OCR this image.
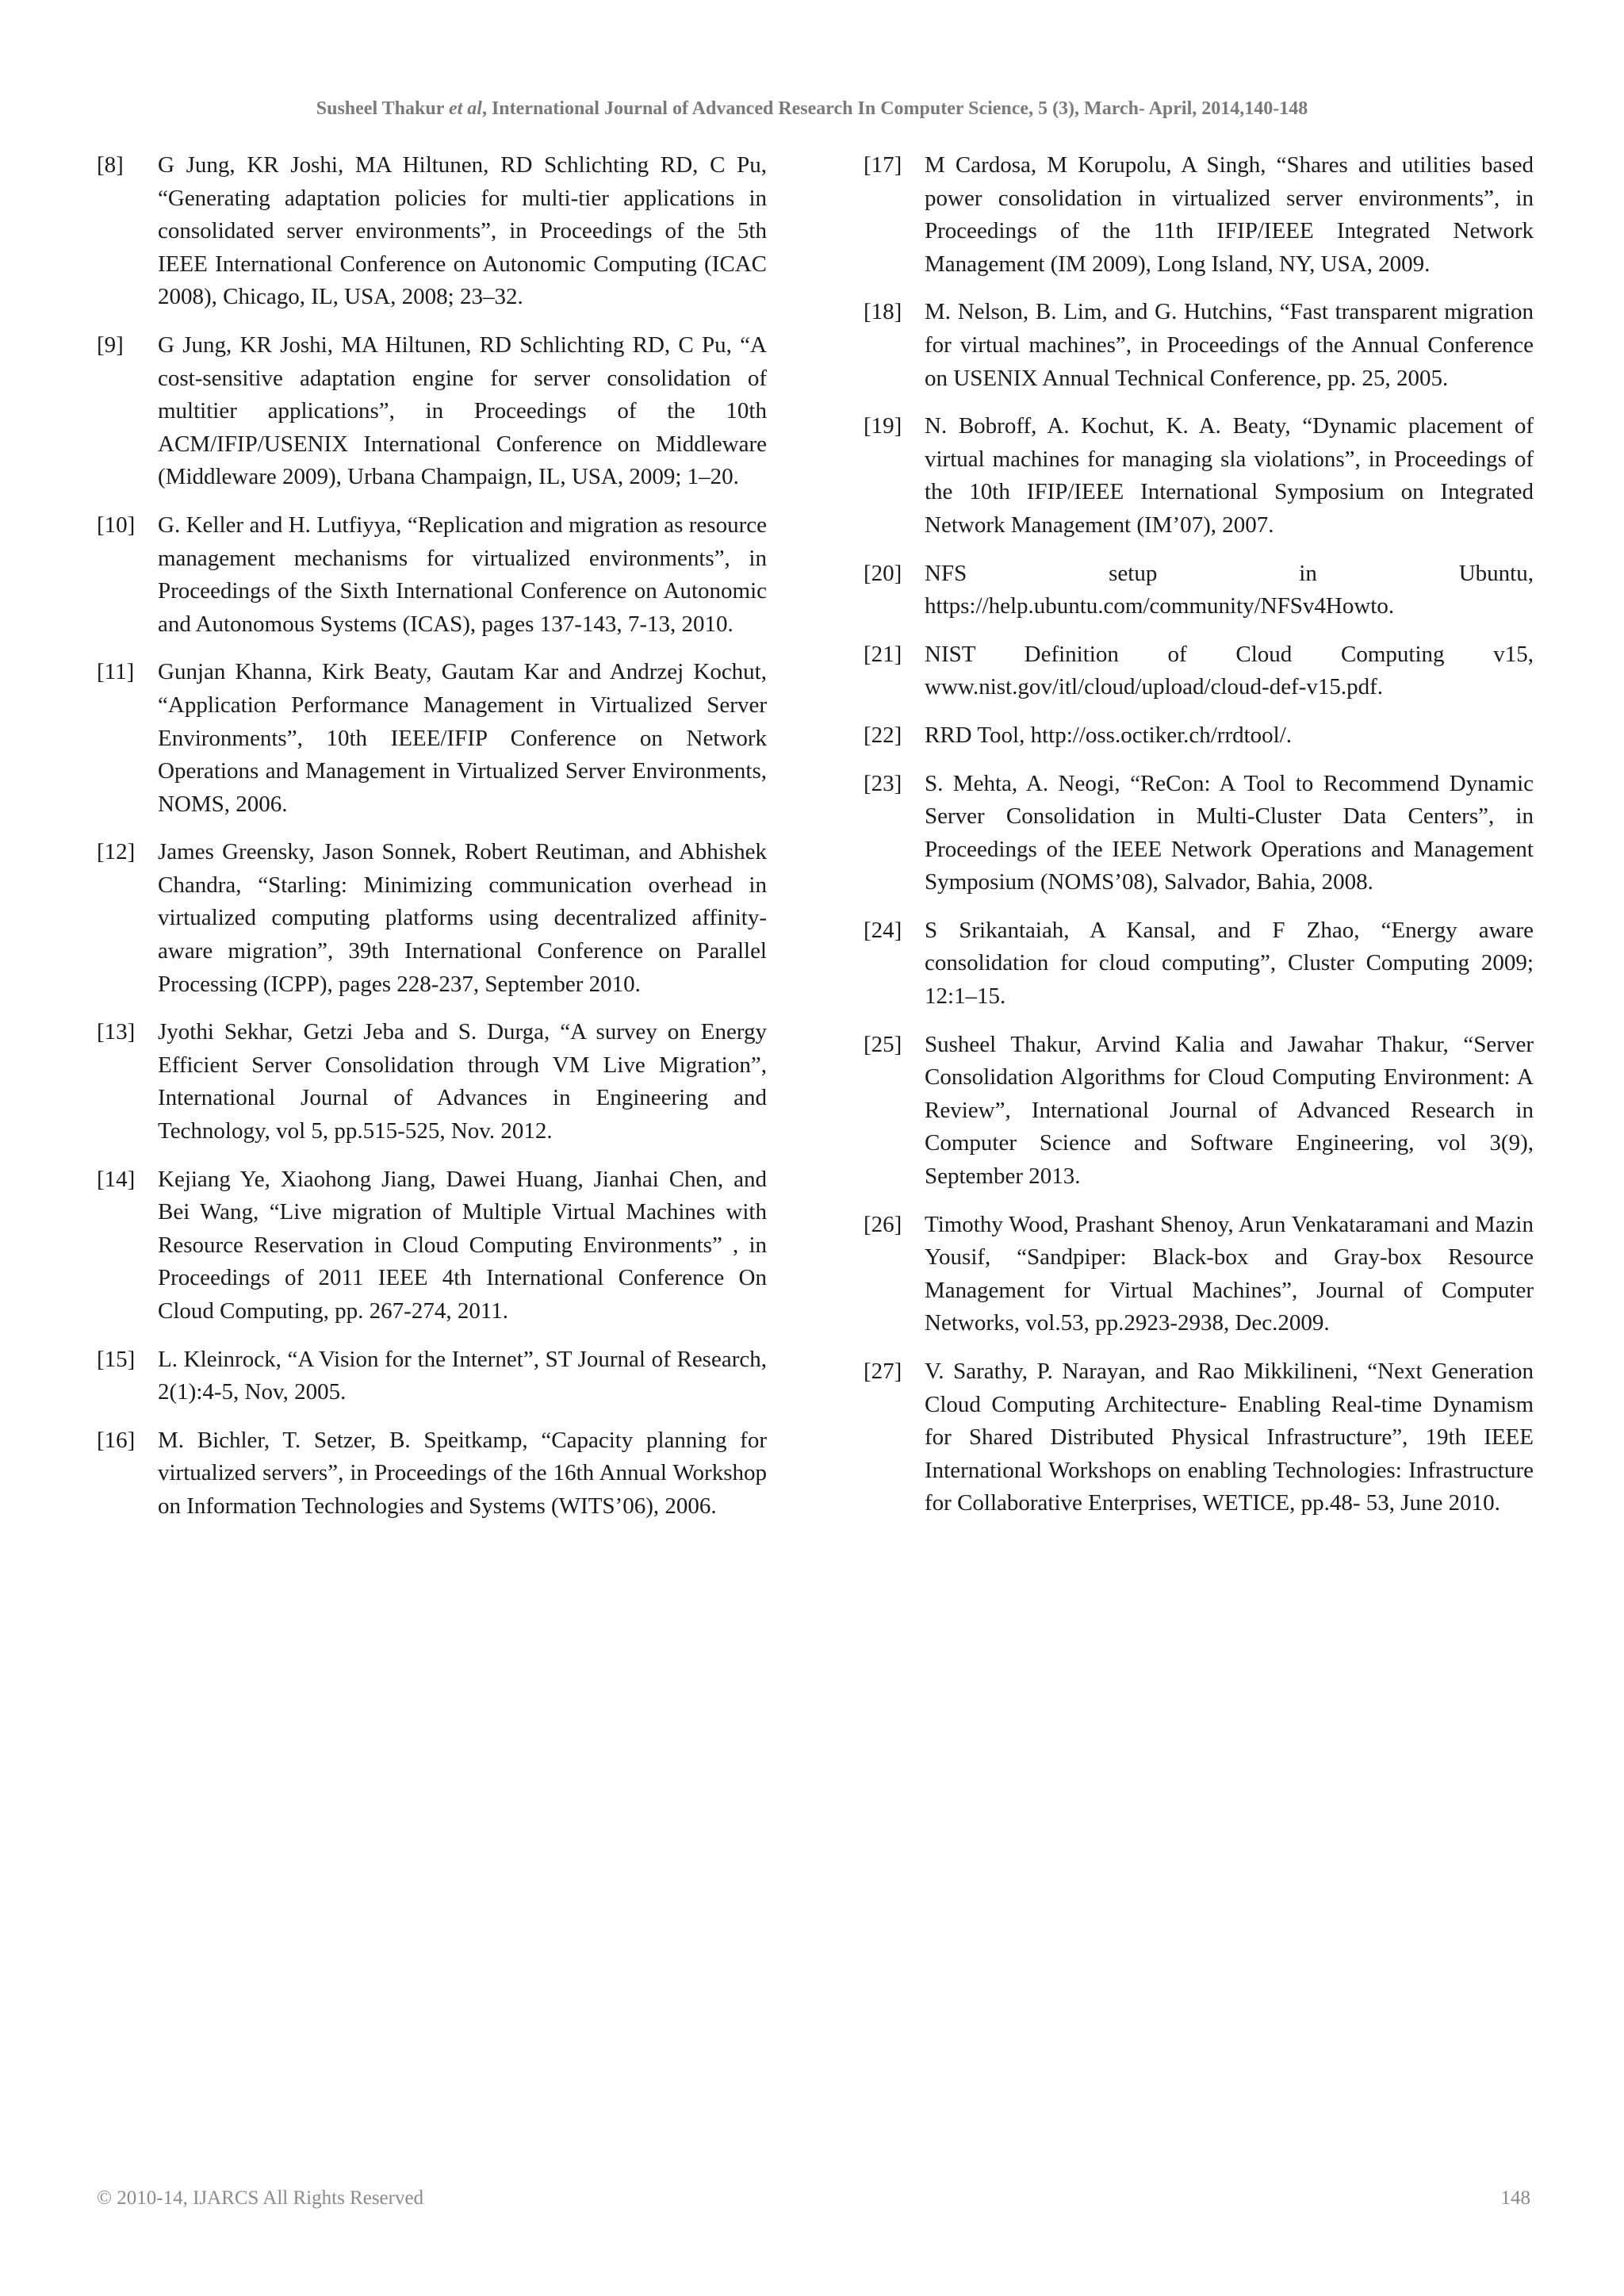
Susheel Thakur et al, International Journal of Advanced Research In Computer Science, 5 (3), March- April, 2014,140-148
[8]	G Jung, KR Joshi, MA Hiltunen, RD Schlichting RD, C Pu, “Generating adaptation policies for multi-tier applications in consolidated server environments”, in Proceedings of the 5th IEEE International Conference on Autonomic Computing (ICAC 2008), Chicago, IL, USA, 2008; 23–32.
[9]	G Jung, KR Joshi, MA Hiltunen, RD Schlichting RD, C Pu, “A cost-sensitive adaptation engine for server consolidation of multitier applications”, in Proceedings of the 10th ACM/IFIP/USENIX International Conference on Middleware (Middleware 2009), Urbana Champaign, IL, USA, 2009; 1–20.
[10] G. Keller and H. Lutfiyya, “Replication and migration as resource management mechanisms for virtualized environments”, in Proceedings of the Sixth International Conference on Autonomic and Autonomous Systems (ICAS), pages 137-143, 7-13, 2010.
[11]	Gunjan Khanna, Kirk Beaty, Gautam Kar and Andrzej Kochut, “Application Performance Management in Virtualized Server Environments”, 10th IEEE/IFIP Conference on Network Operations and Management in Virtualized Server Environments, NOMS, 2006.
[12] James Greensky, Jason Sonnek, Robert Reutiman, and Abhishek Chandra, “Starling: Minimizing communication overhead in virtualized computing platforms using decentralized affinity-aware migration”, 39th International Conference on Parallel Processing (ICPP), pages 228-237, September 2010.
[13] Jyothi Sekhar, Getzi Jeba and S. Durga, “A survey on Energy Efficient Server Consolidation through VM Live Migration”, International Journal of Advances in Engineering and Technology, vol 5, pp.515-525, Nov. 2012.
[14] Kejiang Ye, Xiaohong Jiang, Dawei Huang, Jianhai Chen, and Bei Wang, “Live migration of Multiple Virtual Machines with Resource Reservation in Cloud Computing Environments” , in Proceedings of 2011 IEEE 4th International Conference On Cloud Computing, pp. 267-274, 2011.
[15] L. Kleinrock, “A Vision for the Internet”, ST Journal of Research, 2(1):4-5, Nov, 2005.
[16] M. Bichler, T. Setzer, B. Speitkamp, “Capacity planning for virtualized servers”, in Proceedings of the 16th Annual Workshop on Information Technologies and Systems (WITS’06), 2006.
[17] M Cardosa, M Korupolu, A Singh, “Shares and utilities based power consolidation in virtualized server environments”, in Proceedings of the 11th IFIP/IEEE Integrated Network Management (IM 2009), Long Island, NY, USA, 2009.
[18] M. Nelson, B. Lim, and G. Hutchins, “Fast transparent migration for virtual machines”, in Proceedings of the Annual Conference on USENIX Annual Technical Conference, pp. 25, 2005.
[19] N. Bobroff, A. Kochut, K. A. Beaty, “Dynamic placement of virtual machines for managing sla violations”, in Proceedings of the 10th IFIP/IEEE International Symposium on Integrated Network Management (IM’07), 2007.
[20] NFS setup in Ubuntu, https://help.ubuntu.com/community/NFSv4Howto.
[21] NIST Definition of Cloud Computing v15, www.nist.gov/itl/cloud/upload/cloud-def-v15.pdf.
[22] RRD Tool, http://oss.octiker.ch/rrdtool/.
[23] S. Mehta, A. Neogi, “ReCon: A Tool to Recommend Dynamic Server Consolidation in Multi-Cluster Data Centers”, in Proceedings of the IEEE Network Operations and Management Symposium (NOMS’08), Salvador, Bahia, 2008.
[24] S Srikantaiah, A Kansal, and F Zhao, “Energy aware consolidation for cloud computing”, Cluster Computing 2009; 12:1–15.
[25] Susheel Thakur, Arvind Kalia and Jawahar Thakur, “Server Consolidation Algorithms for Cloud Computing Environment: A Review”, International Journal of Advanced Research in Computer Science and Software Engineering, vol 3(9), September 2013.
[26] Timothy Wood, Prashant Shenoy, Arun Venkataramani and Mazin Yousif, “Sandpiper: Black-box and Gray-box Resource Management for Virtual Machines”, Journal of Computer Networks, vol.53, pp.2923-2938, Dec.2009.
[27] V. Sarathy, P. Narayan, and Rao Mikkilineni, “Next Generation Cloud Computing Architecture- Enabling Real-time Dynamism for Shared Distributed Physical Infrastructure”, 19th IEEE International Workshops on enabling Technologies: Infrastructure for Collaborative Enterprises, WETICE, pp.48- 53, June 2010.
© 2010-14, IJARCS All Rights Reserved	148
